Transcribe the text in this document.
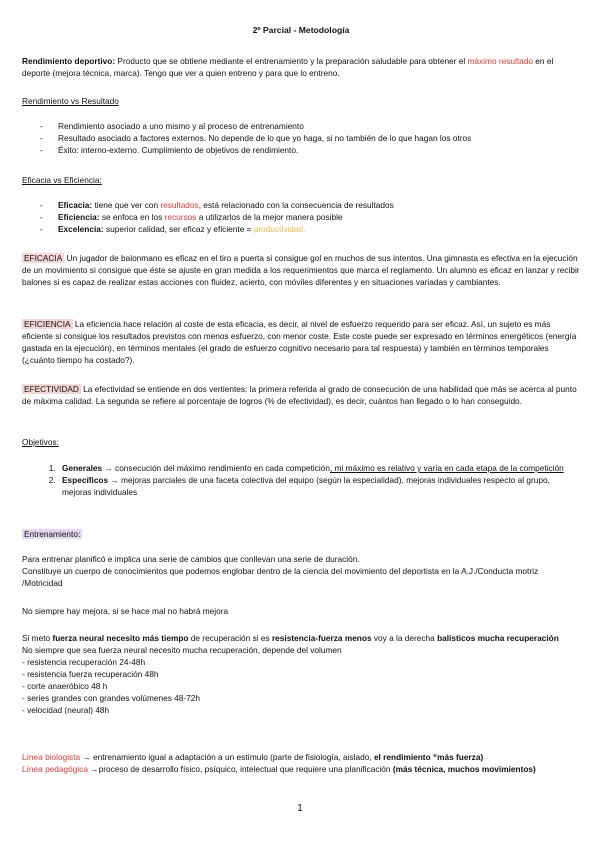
2º Parcial - Metodología
Rendimiento deportivo: Producto que se obtiene mediante el entrenamiento y la preparación saludable para obtener el máximo resultado en el deporte (mejora técnica, marca). Tengo que ver a quien entreno y para que lo entreno.
Rendimiento vs Resultado
- Rendimiento asociado a uno mismo y al proceso de entrenamiento
- Resultado asociado a factores externos. No depende de lo que yo haga, si no también de lo que hagan los otros
- Éxito: interno-externo. Cumplimiento de objetivos de rendimiento.
Eficacia vs Eficiencia:
- Eficacia: tiene que ver con resultados, está relacionado con la consecuencia de resultados
- Eficiencia: se enfoca en los recursos a utilizarlos de la mejor manera posible
- Excelencia: superior calidad, ser eficaz y eficiente = productividad.
EFICACIA Un jugador de balonmano es eficaz en el tiro a puerta si consigue gol en muchos de sus intentos. Una gimnasta es efectiva en la ejecución de un movimiento si consigue que éste se ajuste en gran medida a los requerimientos que marca el reglamento. Un alumno es eficaz en lanzar y recibir balones si es capaz de realizar estas acciones con fluidez, acierto, con móviles diferentes y en situaciones variadas y cambiantes.
EFICIENCIA La eficiencia hace relación al coste de esta eficacia, es decir, al nivel de esfuerzo requerido para ser eficaz. Así, un sujeto es más eficiente si consigue los resultados previstos con menos esfuerzo, con menor coste. Este coste puede ser expresado en términos energéticos (energía gastada en la ejecución), en términos mentales (el grado de esfuerzo cognitivo necesario para tal respuesta) y también en términos temporales (¿cuánto tiempo ha costado?).
EFECTIVIDAD La efectividad se entiende en dos vertientes: la primera referida al grado de consecución de una habilidad que más se acerca al punto de máxima calidad. La segunda se refiere al porcentaje de logros (% de efectividad), es decir, cuántos han llegado o lo han conseguido.
Objetivos:
1. Generales → consecución del máximo rendimiento en cada competición, mi máximo es relativo y varía en cada etapa de la competición
2. Específicos → mejoras parciales de una faceta colectiva del equipo (según la especialidad), mejoras individuales respecto al grupo, mejoras individuales
Entrenamiento:
Para entrenar planificó e implica una serie de cambios que conllevan una serie de duración.
Constituye un cuerpo de conocimientos que podemos englobar dentro de la ciencia del movimiento del deportista en la A.J./Conducta motriz /Motricidad
No siempre hay mejora, si se hace mal no habrá mejora
Si meto fuerza neural necesito más tiempo de recuperación si es resistencia-fuerza menos voy a la derecha balísticos mucha recuperación
No siempre que sea fuerza neural necesito mucha recuperación, depende del volumen
- resistencia recuperación 24-48h
- resistencia fuerza recuperación 48h
- corte anaeróbico 48 h
- series grandes con grandes volúmenes 48-72h
- velocidad (neural) 48h
Línea biologista → entrenamiento igual a adaptación a un estímulo (parte de fisiología, aislado, el rendimiento “más fuerza)
Línea pedagógica →proceso de desarrollo físico, psíquico, intelectual que requiere una planificación (más técnica, muchos movimientos)
1
